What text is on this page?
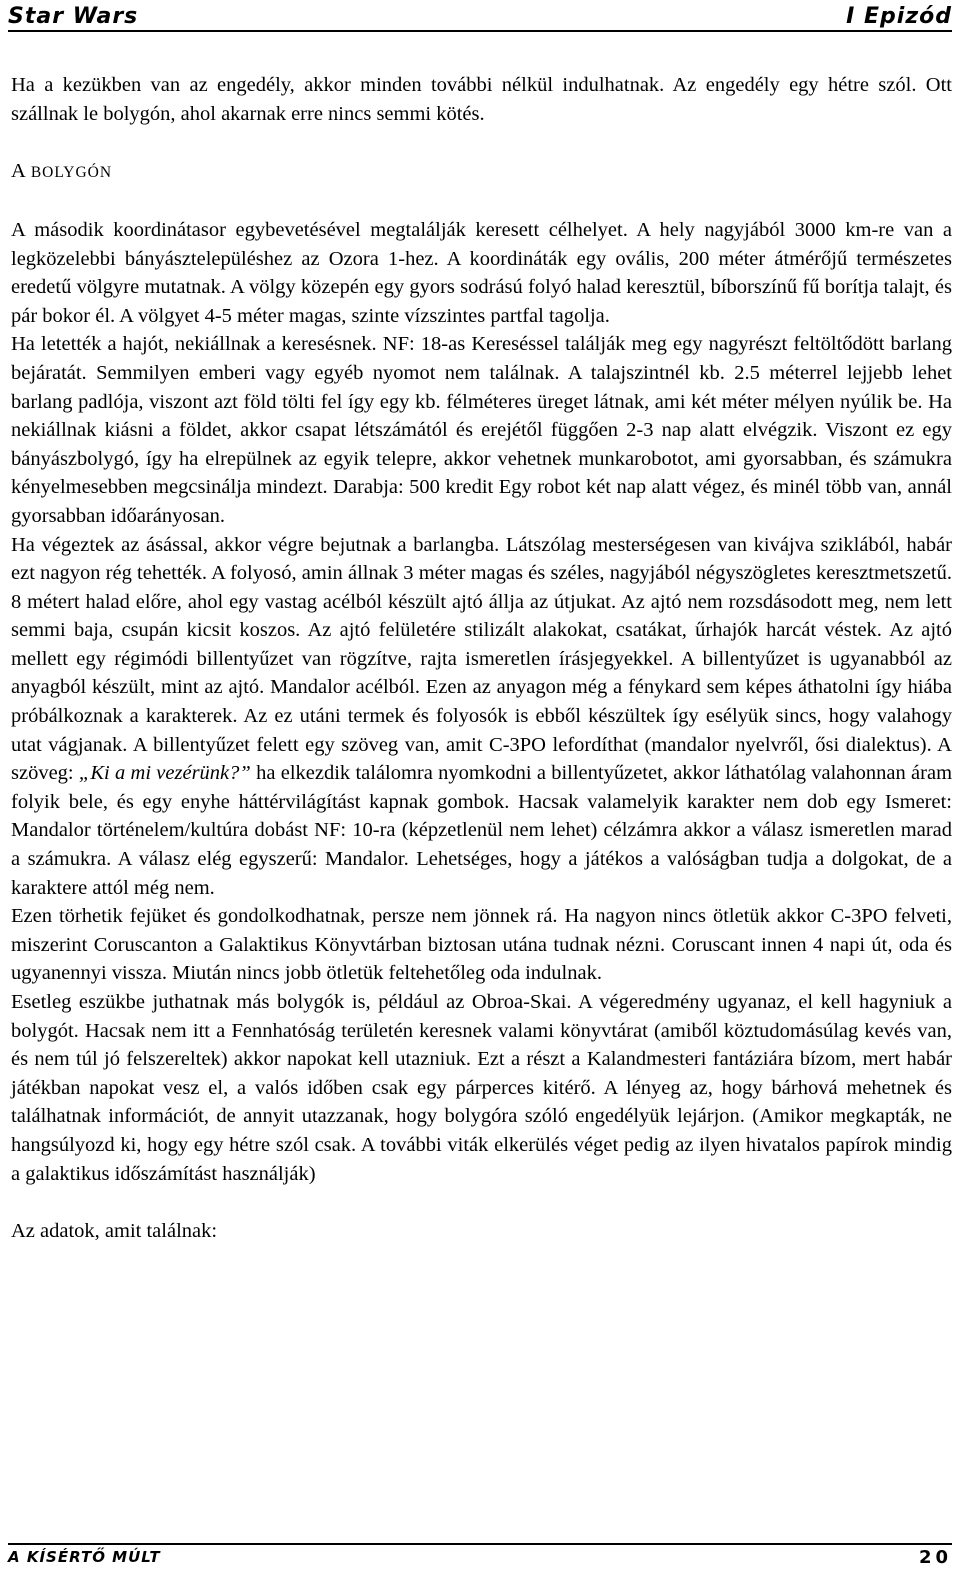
Star Wars	I Epizód

Ha a kezükben van az engedély, akkor minden további nélkül indulhatnak. Az engedély egy hétre szól. Ott szállnak le bolygón, ahol akarnak erre nincs semmi kötés.

A BOLYGÓN

A második koordinátasor egybevetésével megtalálják keresett célhelyet. A hely nagyjából 3000 km-re van a legközelebbi bányásztelepüléshez az Ozora 1-hez. A koordináták egy ovális, 200 méter átmérőjű természetes eredetű völgyre mutatnak. A völgy közepén egy gyors sodrású folyó halad keresztül, bíborszínű fű borítja talajt, és pár bokor él. A völgyet 4-5 méter magas, szinte vízszintes partfal tagolja.

Ha letették a hajót, nekiállnak a keresésnek. NF: 18-as Kereséssel találják meg egy nagyrészt feltöltődött barlang bejáratát. Semmilyen emberi vagy egyéb nyomot nem találnak. A talajszintnél kb. 2.5 méterrel lejjebb lehet barlang padlója, viszont azt föld tölti fel így egy kb. félméteres üreget látnak, ami két méter mélyen nyúlik be. Ha nekiállnak kiásni a földet, akkor csapat létszámától és erejétől függően 2-3 nap alatt elvégzik. Viszont ez egy bányászbolygó, így ha elrepülnek az egyik telepre, akkor vehetnek munkarobotot, ami gyorsabban, és számukra kényelmesebben megcsinálja mindezt. Darabja: 500 kredit Egy robot két nap alatt végez, és minél több van, annál gyorsabban időarányosan.

Ha végeztek az ásással, akkor végre bejutnak a barlangba. Látszólag mesterségesen van kivájva sziklából, habár ezt nagyon rég tehették. A folyosó, amin állnak 3 méter magas és széles, nagyjából négyszögletes keresztmetszetű. 8 métert halad előre, ahol egy vastag acélból készült ajtó állja az útjukat. Az ajtó nem rozsdásodott meg, nem lett semmi baja, csupán kicsit koszos. Az ajtó felületére stilizált alakokat, csatákat, űrhajók harcát véstek. Az ajtó mellett egy régimódi billentyűzet van rögzítve, rajta ismeretlen írásjegyekkel. A billentyűzet is ugyanabból az anyagból készült, mint az ajtó. Mandalor acélból. Ezen az anyagon még a fénykard sem képes áthatolni így hiába próbálkoznak a karakterek. Az ez utáni termek és folyosók is ebből készültek így esélyük sincs, hogy valahogy utat vágjanak. A billentyűzet felett egy szöveg van, amit C-3PO lefordíthat (mandalor nyelvről, ősi dialektus). A szöveg: „Ki a mi vezérünk?” ha elkezdik találomra nyomkodni a billentyűzetet, akkor láthatólag valahonnan áram folyik bele, és egy enyhe háttérvilágítást kapnak gombok. Hacsak valamelyik karakter nem dob egy Ismeret: Mandalor történelem/kultúra dobást NF: 10-ra (képzetlenül nem lehet) célzámra akkor a válasz ismeretlen marad a számukra. A válasz elég egyszerű: Mandalor. Lehetséges, hogy a játékos a valóságban tudja a dolgokat, de a karaktere attól még nem.

Ezen törhetik fejüket és gondolkodhatnak, persze nem jönnek rá. Ha nagyon nincs ötletük akkor C-3PO felveti, miszerint Coruscanton a Galaktikus Könyvtárban biztosan utána tudnak nézni. Coruscant innen 4 napi út, oda és ugyanennyi vissza. Miután nincs jobb ötletük feltehetőleg oda indulnak.

Esetleg eszükbe juthatnak más bolygók is, például az Obroa-Skai. A végeredmény ugyanaz, el kell hagyniuk a bolygót. Hacsak nem itt a Fennhatóság területén keresnek valami könyvtárat (amiből köztudomásúlag kevés van, és nem túl jó felszereltek) akkor napokat kell utazniuk. Ezt a részt a Kalandmesteri fantáziára bízom, mert habár játékban napokat vesz el, a valós időben csak egy párperces kitérő. A lényeg az, hogy bárhová mehetnek és találhatnak információt, de annyit utazzanak, hogy bolygóra szóló engedélyük lejárjon. (Amikor megkapták, ne hangsúlyozd ki, hogy egy hétre szól csak. A további viták elkerülés véget pedig az ilyen hivatalos papírok mindig a galaktikus időszámítást használják)

Az adatok, amit találnak:

A KÍSÉRTŐ MÚLT	20
